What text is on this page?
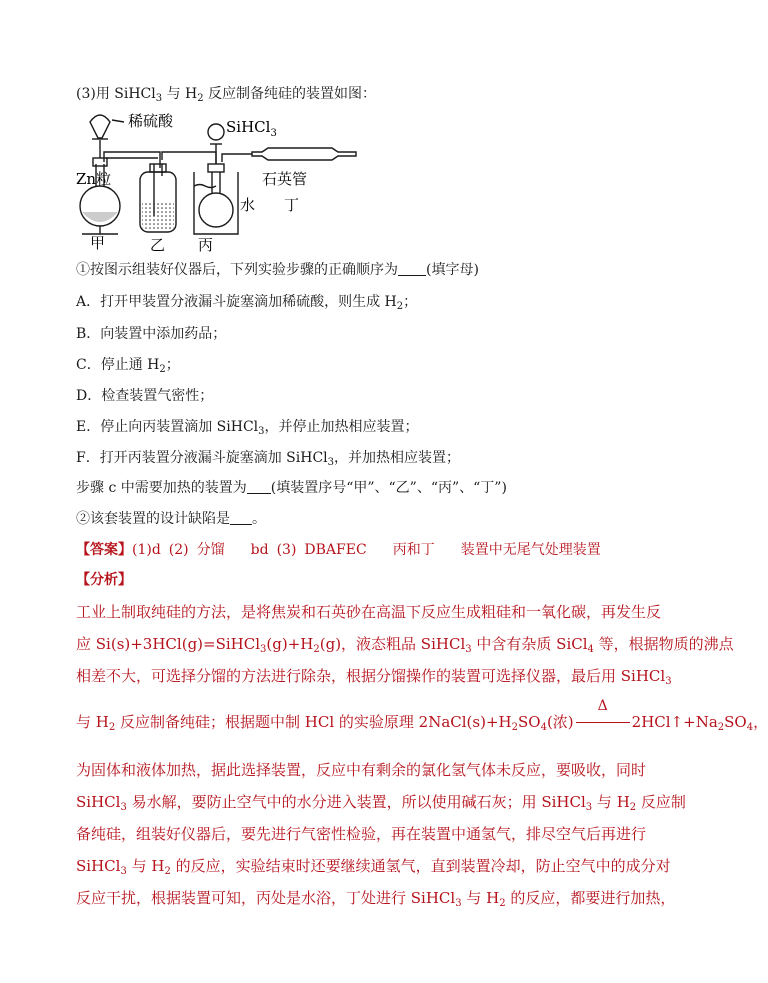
(3)用 SiHCl$_3$ 与 $H_2$ 反应制备纯硅的装置如图：
稀硫酸	SiHCl$_3$
Zn粒	石英管
水
甲	乙 丙
丁
①按图示组装好仪器后，下列实验步骤的正确顺序为 (填字母)
A．打开甲装置分液漏斗旋塞滴加稀硫酸，则生成 $H_2$；
B．向装置中添加药品；
C．停止通 $H_2$；
D．检查装置气密性；
E．停止向丙装置滴加 SiHCl$_3$，并停止加热相应装置；
F．打开丙装置分液漏斗旋塞滴加 SiHCl$_3$，并加热相应装置；
步骤 c 中需要加热的装置为 (填装置序号“甲”、“乙”、“丙”、“丁”)
②该套装置的设计缺陷是 。
【答案】(1)d (2) 分馏 bd (3) DBAFEC 丙和丁 装置中无尾气处理装置
【分析】
工业上制取纯硅的方法，是将焦炭和石英砂在高温下反应生成粗硅和一氧化碳，再发生反
应 $Si(s)+3HCl(g)=SiHCl_3(g)+H_2(g)$，液态粗品 SiHCl$_3$ 中含有杂质 SiCl$_4$ 等，根据物质的沸点
相差不大，可选择分馏的方法进行除杂，根据分馏操作的装置可选择仪器，最后用 SiHCl$_3$
与 $H_2$ 反应制备纯硅；根据题中制 HCl 的实验原理 $2NaCl(s)+H_2SO_4$(浓)
Δ
$2HCl↑+Na_2SO_4$，
为固体和液体加热，据此选择装置，反应中有剩余的氯化氢气体未反应，要吸收，同时
SiHCl$_3$ 易水解，要防止空气中的水分进入装置，所以使用碱石灰；用 SiHCl$_3$ 与 $H_2$ 反应制
备纯硅，组装好仪器后，要先进行气密性检验，再在装置中通氢气，排尽空气后再进行
SiHCl$_3$ 与 $H_2$ 的反应，实验结束时还要继续通氢气，直到装置冷却，防止空气中的成分对
反应干扰，根据装置可知，丙处是水浴，丁处进行 SiHCl$_3$ 与 $H_2$ 的反应，都要进行加热，
